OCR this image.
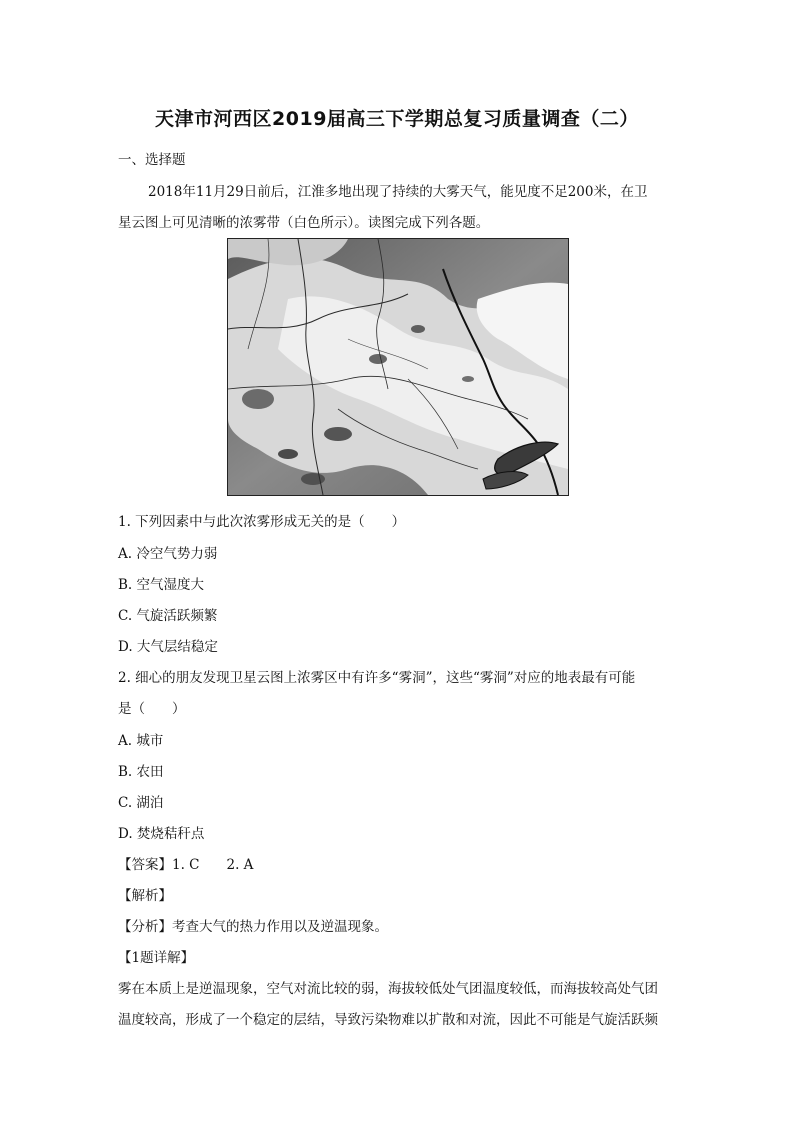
天津市河西区2019届高三下学期总复习质量调查（二）
一、选择题
2018年11月29日前后，江淮多地出现了持续的大雾天气，能见度不足200米，在卫
星云图上可见清晰的浓雾带（白色所示）。读图完成下列各题。
1. 下列因素中与此次浓雾形成无关的是（　　）
A. 冷空气势力弱
B. 空气湿度大
C. 气旋活跃频繁
D. 大气层结稳定
2. 细心的朋友发现卫星云图上浓雾区中有许多“雾洞”，这些“雾洞”对应的地表最有可能
是（　　）
A. 城市
B. 农田
C. 湖泊
D. 焚烧秸秆点
【答案】1. C　　2. A
【解析】
【分析】考查大气的热力作用以及逆温现象。
【1题详解】
雾在本质上是逆温现象，空气对流比较的弱，海拔较低处气团温度较低，而海拔较高处气团
温度较高，形成了一个稳定的层结，导致污染物难以扩散和对流，因此不可能是气旋活跃频
